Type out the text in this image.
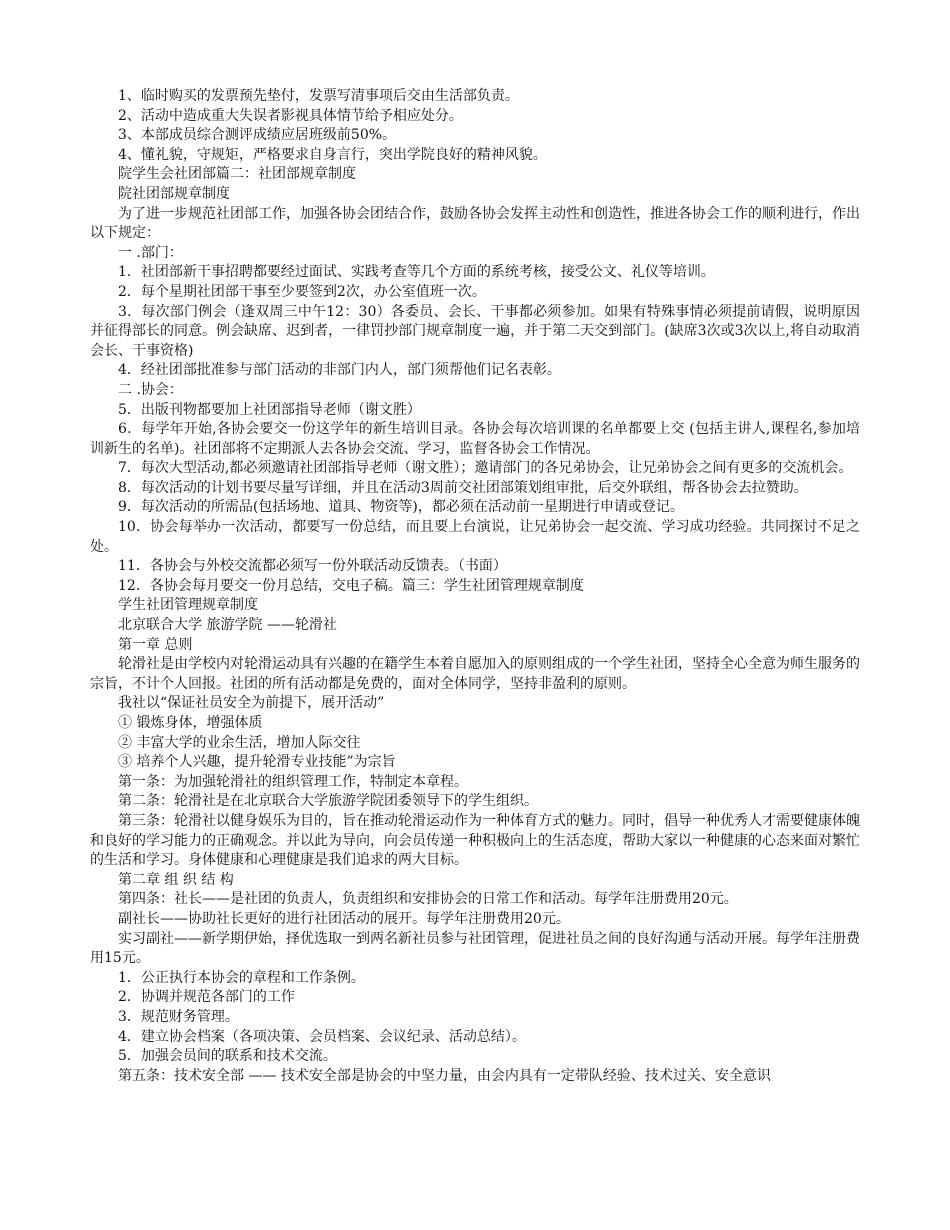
1、临时购买的发票预先垫付，发票写清事项后交由生活部负责。

2、活动中造成重大失误者影视具体情节给予相应处分。

3、本部成员综合测评成绩应居班级前50%。

4、懂礼貌，守规矩，严格要求自身言行，突出学院良好的精神风貌。

院学生会社团部篇二：社团部规章制度

院社团部规章制度

为了进一步规范社团部工作，加强各协会团结合作，鼓励各协会发挥主动性和创造性，推进各协会工作的顺利进行，作出以下规定：

一 .部门：

1．社团部新干事招聘都要经过面试、实践考查等几个方面的系统考核，接受公文、礼仪等培训。

2．每个星期社团部干事至少要签到2次，办公室值班一次。

3．每次部门例会（逢双周三中午12：30）各委员、会长、干事都必须参加。如果有特殊事情必须提前请假，说明原因并征得部长的同意。例会缺席、迟到者，一律罚抄部门规章制度一遍，并于第二天交到部门。(缺席3次或3次以上,将自动取消会长、干事资格)

4．经社团部批准参与部门活动的非部门内人，部门须帮他们记名表彰。

二 .协会：

5．出版刊物都要加上社团部指导老师（谢文胜）

6．每学年开始,各协会要交一份这学年的新生培训目录。各协会每次培训课的名单都要上交 (包括主讲人,课程名,参加培训新生的名单)。社团部将不定期派人去各协会交流、学习，监督各协会工作情况。

7．每次大型活动,都必须邀请社团部指导老师（谢文胜）；邀请部门的各兄弟协会，让兄弟协会之间有更多的交流机会。

8．每次活动的计划书要尽量写详细，并且在活动3周前交社团部策划组审批，后交外联组，帮各协会去拉赞助。

9．每次活动的所需品(包括场地、道具、物资等)，都必须在活动前一星期进行申请或登记。

10．协会每举办一次活动，都要写一份总结，而且要上台演说，让兄弟协会一起交流、学习成功经验。共同探讨不足之处。

11．各协会与外校交流都必须写一份外联活动反馈表。（书面）

12．各协会每月要交一份月总结，交电子稿。篇三：学生社团管理规章制度

学生社团管理规章制度

北京联合大学 旅游学院 ——轮滑社

第一章 总则

轮滑社是由学校内对轮滑运动具有兴趣的在籍学生本着自愿加入的原则组成的一个学生社团，坚持全心全意为师生服务的宗旨，不计个人回报。社团的所有活动都是免费的，面对全体同学，坚持非盈利的原则。

我社以“保证社员安全为前提下，展开活动”

① 锻炼身体，增强体质

② 丰富大学的业余生活，增加人际交往

③ 培养个人兴趣，提升轮滑专业技能”为宗旨

第一条：为加强轮滑社的组织管理工作，特制定本章程。

第二条：轮滑社是在北京联合大学旅游学院团委领导下的学生组织。

第三条：轮滑社以健身娱乐为目的，旨在推动轮滑运动作为一种体育方式的魅力。同时，倡导一种优秀人才需要健康体魄和良好的学习能力的正确观念。并以此为导向，向会员传递一种积极向上的生活态度，帮助大家以一种健康的心态来面对繁忙的生活和学习。身体健康和心理健康是我们追求的两大目标。

第二章 组 织 结 构

第四条：社长——是社团的负责人，负责组织和安排协会的日常工作和活动。每学年注册费用20元。

副社长——协助社长更好的进行社团活动的展开。每学年注册费用20元。

实习副社——新学期伊始，择优选取一到两名新社员参与社团管理，促进社员之间的良好沟通与活动开展。每学年注册费用15元。

1．公正执行本协会的章程和工作条例。

2．协调并规范各部门的工作

3．规范财务管理。

4．建立协会档案（各项决策、会员档案、会议纪录、活动总结）。

5．加强会员间的联系和技术交流。

第五条：技术安全部 —— 技术安全部是协会的中坚力量，由会内具有一定带队经验、技术过关、安全意识
